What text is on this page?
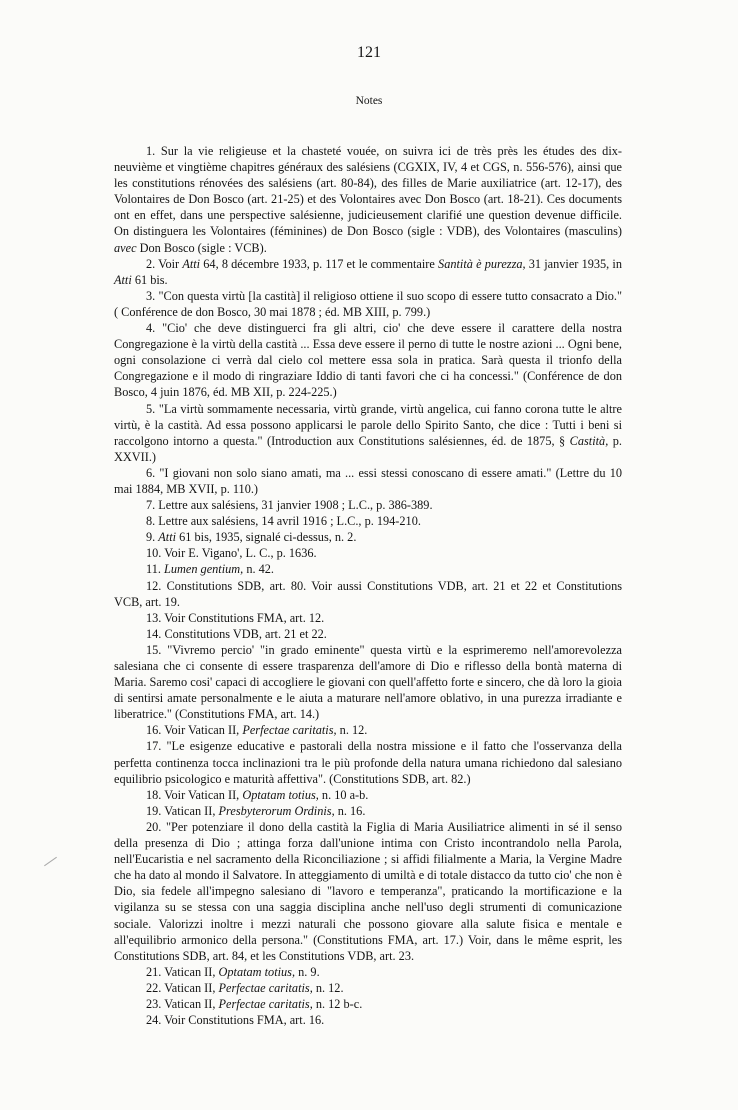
121
Notes

1. Sur la vie religieuse et la chasteté vouée, on suivra ici de très près les études des dix-neuvième et vingtième chapitres généraux des salésiens (CGXIX, IV, 4 et CGS, n. 556-576), ainsi que les constitutions rénovées des salésiens (art. 80-84), des filles de Marie auxiliatrice (art. 12-17), des Volontaires de Don Bosco (art. 21-25) et des Volontaires avec Don Bosco (art. 18-21). Ces documents ont en effet, dans une perspective salésienne, judicieusement clarifié une question devenue difficile. On distinguera les Volontaires (féminines) de Don Bosco (sigle : VDB), des Volontaires (masculins) avec Don Bosco (sigle : VCB).

2. Voir Atti 64, 8 décembre 1933, p. 117 et le commentaire Santità è purezza, 31 janvier 1935, in Atti 61 bis.

3. "Con questa virtù [la castità] il religioso ottiene il suo scopo di essere tutto consacrato a Dio."( Conférence de don Bosco, 30 mai 1878 ; éd. MB XIII, p. 799.)

4. "Cio' che deve distinguerci fra gli altri, cio' che deve essere il carattere della nostra Congregazione è la virtù della castità ... Essa deve essere il perno di tutte le nostre azioni ... Ogni bene, ogni consolazione ci verrà dal cielo col mettere essa sola in pratica. Sarà questa il trionfo della Congregazione e il modo di ringraziare Iddio di tanti favori che ci ha concessi." (Conférence de don Bosco, 4 juin 1876, éd. MB XII, p. 224-225.)

5. "La virtù sommamente necessaria, virtù grande, virtù angelica, cui fanno corona tutte le altre virtù, è la castità. Ad essa possono applicarsi le parole dello Spirito Santo, che dice : Tutti i beni si raccolgono intorno a questa." (Introduction aux Constitutions salésiennes, éd. de 1875, § Castità, p. XXVII.)

6. "I giovani non solo siano amati, ma ... essi stessi conoscano di essere amati." (Lettre du 10 mai 1884, MB XVII, p. 110.)

7. Lettre aux salésiens, 31 janvier 1908 ; L.C., p. 386-389.

8. Lettre aux salésiens, 14 avril 1916 ; L.C., p. 194-210.

9. Atti 61 bis, 1935, signalé ci-dessus, n. 2.

10. Voir E. Vigano', L. C., p. 1636.

11. Lumen gentium, n. 42.

12. Constitutions SDB, art. 80. Voir aussi Constitutions VDB, art. 21 et 22 et Constitutions VCB, art. 19.

13. Voir Constitutions FMA, art. 12.

14. Constitutions VDB, art. 21 et 22.

15. "Vivremo percio' "in grado eminente" questa virtù e la esprimeremo nell'amorevolezza salesiana che ci consente di essere trasparenza dell'amore di Dio e riflesso della bontà materna di Maria. Saremo cosi' capaci di accogliere le giovani con quell'affetto forte e sincero, che dà loro la gioia di sentirsi amate personalmente e le aiuta a maturare nell'amore oblativo, in una purezza irradiante e liberatrice." (Constitutions FMA, art. 14.)

16. Voir Vatican II, Perfectae caritatis, n. 12.

17. "Le esigenze educative e pastorali della nostra missione e il fatto che l'osservanza della perfetta continenza tocca inclinazioni tra le più profonde della natura umana richiedono dal salesiano equilibrio psicologico e maturità affettiva". (Constitutions SDB, art. 82.)

18. Voir Vatican II, Optatam totius, n. 10 a-b.

19. Vatican II, Presbyterorum Ordinis, n. 16.

20. "Per potenziare il dono della castità la Figlia di Maria Ausiliatrice alimenti in sé il senso della presenza di Dio ; attinga forza dall'unione intima con Cristo incontrandolo nella Parola, nell'Eucaristia e nel sacramento della Riconciliazione ; si affidi filialmente a Maria, la Vergine Madre che ha dato al mondo il Salvatore. In atteggiamento di umiltà e di totale distacco da tutto cio' che non è Dio, sia fedele all'impegno salesiano di "lavoro e temperanza", praticando la mortificazione e la vigilanza su se stessa con una saggia disciplina anche nell'uso degli strumenti di comunicazione sociale. Valorizzi inoltre i mezzi naturali che possono giovare alla salute fisica e mentale e all'equilibrio armonico della persona." (Constitutions FMA, art. 17.) Voir, dans le même esprit, les Constitutions SDB, art. 84, et les Constitutions VDB, art. 23.

21. Vatican II, Optatam totius, n. 9.

22. Vatican II, Perfectae caritatis, n. 12.

23. Vatican II, Perfectae caritatis, n. 12 b-c.

24. Voir Constitutions FMA, art. 16.
